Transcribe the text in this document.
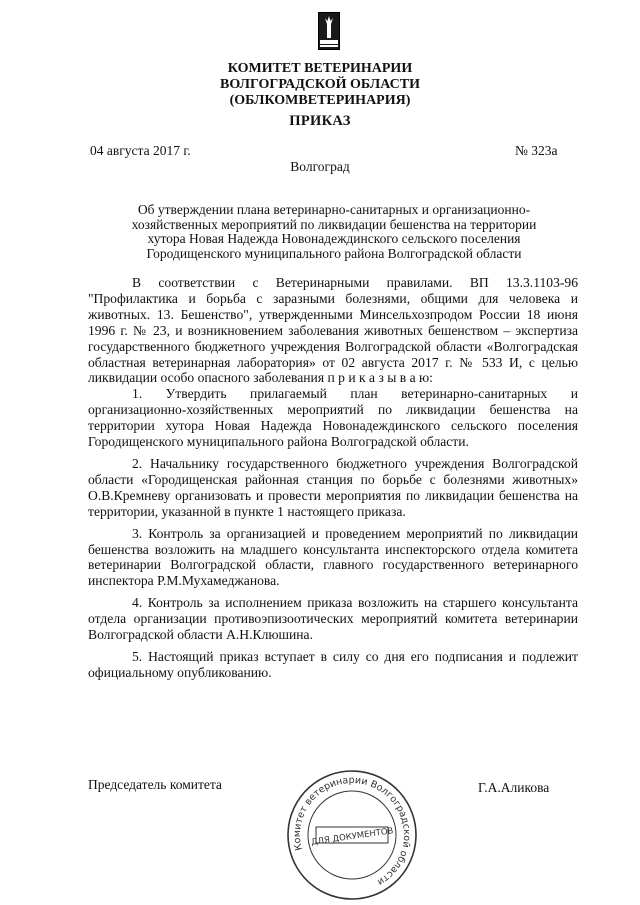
КОМИТЕТ ВЕТЕРИНАРИИ
ВОЛГОГРАДСКОЙ ОБЛАСТИ
(ОБЛКОМВЕТЕРИНАРИЯ)
ПРИКАЗ
04 августа 2017 г.	№ 323а
Волгоград
Об утверждении плана ветеринарно-санитарных и организационно-
хозяйственных мероприятий по ликвидации бешенства на территории
хутора Новая Надежда Новонадеждинского сельского поселения
Городищенского муниципального района Волгоградской области

В соответствии с Ветеринарными правилами. ВП 13.3.1103-96 "Профилактика и борьба с заразными болезнями, общими для человека и животных. 13. Бешенство", утвержденными Минсельхозпродом России 18 июня 1996 г. № 23, и возникновением заболевания животных бешенством – экспертиза государственного бюджетного учреждения Волгоградской области «Волгоградская областная ветеринарная лаборатория» от 02 августа 2017 г. № 533 И, с целью ликвидации особо опасного заболевания п р и к а з ы в а ю:

1. Утвердить прилагаемый план ветеринарно-санитарных и организационно-хозяйственных мероприятий по ликвидации бешенства на территории хутора Новая Надежда Новонадеждинского сельского поселения Городищенского муниципального района Волгоградской области.

2. Начальнику государственного бюджетного учреждения Волгоградской области «Городищенская районная станция по борьбе с болезнями животных» О.В.Кремневу организовать и провести мероприятия по ликвидации бешенства на территории, указанной в пункте 1 настоящего приказа.

3. Контроль за организацией и проведением мероприятий по ликвидации бешенства возложить на младшего консультанта инспекторского отдела комитета ветеринарии Волгоградской области, главного государственного ветеринарного инспектора Р.М.Мухамеджанова.

4. Контроль за исполнением приказа возложить на старшего консультанта отдела организации противоэпизоотических мероприятий комитета ветеринарии Волгоградской области А.Н.Клюшина.

5. Настоящий приказ вступает в силу со дня его подписания и подлежит официальному опубликованию.

Председатель комитета	Г.А.Аликова
Комитет ветеринарии Волгоградской области
ДЛЯ ДОКУМЕНТОВ
